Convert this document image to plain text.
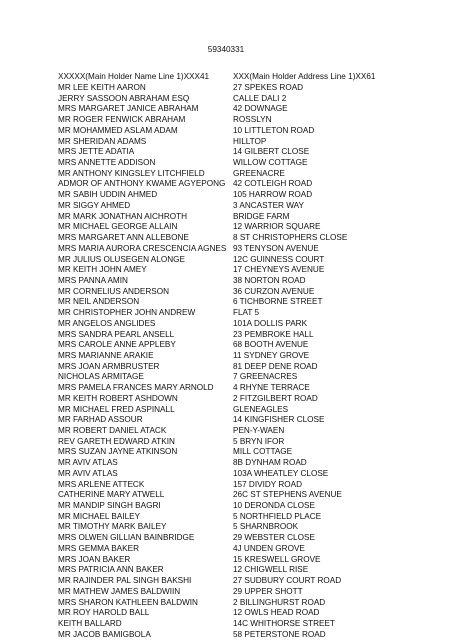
59340331
XXXXX(Main Holder Name Line 1)XXX41	XXX(Main Holder Address Line 1)XX61
MR LEE KEITH AARON	27 SPEKES ROAD
JERRY SASSOON ABRAHAM ESQ	CALLE DALI 2
MRS MARGARET JANICE ABRAHAM	42 DOWNAGE
MR ROGER FENWICK ABRAHAM	ROSSLYN
MR MOHAMMED ASLAM ADAM	10 LITTLETON ROAD
MR SHERIDAN ADAMS	HILLTOP
MRS JETTE ADATIA	14 GILBERT CLOSE
MRS ANNETTE ADDISON	WILLOW COTTAGE
MR ANTHONY KINGSLEY LITCHFIELD	GREENACRE
ADMOR OF ANTHONY KWAME AGYEPONG 42 COTLEIGH ROAD
MR SABIH UDDIN AHMED	105 HARROW ROAD
MR SIGGY AHMED	3 ANCASTER WAY
MR MARK JONATHAN AICHROTH	BRIDGE FARM
MR MICHAEL GEORGE ALLAIN	12 WARRIOR SQUARE
MRS MARGARET ANN ALLEBONE	8 ST CHRISTOPHERS CLOSE
MRS MARIA AURORA CRESCENCIA AGNES 93 TENYSON AVENUE
MR JULIUS OLUSEGEN ALONGE	12C GUINNESS COURT
MR KEITH JOHN AMEY	17 CHEYNEYS AVENUE
MRS PANNA AMIN	38 NORTON ROAD
MR CORNELIUS ANDERSON	36 CURZON AVENUE
MR NEIL ANDERSON	6 TICHBORNE STREET
MR CHRISTOPHER JOHN ANDREW	FLAT 5
MR ANGELOS ANGLIDES	101A DOLLIS PARK
MRS SANDRA PEARL ANSELL	23 PEMBROKE HALL
MRS CAROLE ANNE APPLEBY	68 BOOTH AVENUE
MRS MARIANNE ARAKIE	11 SYDNEY GROVE
MRS JOAN ARMBRUSTER	81 DEEP DENE ROAD
NICHOLAS ARMITAGE	7 GREENACRES
MRS PAMELA FRANCES MARY ARNOLD	4 RHYNE TERRACE
MR KEITH ROBERT ASHDOWN	2 FITZGILBERT ROAD
MR MICHAEL FRED ASPINALL	GLENEAGLES
MR FARHAD ASSOUR	14 KINGFISHER CLOSE
MR ROBERT DANIEL ATACK	PEN-Y-WAEN
REV GARETH EDWARD ATKIN	5 BRYN IFOR
MRS SUZAN JAYNE ATKINSON	MILL COTTAGE
MR AVIV ATLAS	8B DYNHAM ROAD
MR AVIV ATLAS	103A WHEATLEY CLOSE
MRS ARLENE ATTECK	157 DIVIDY ROAD
CATHERINE MARY ATWELL	26C ST STEPHENS AVENUE
MR MANDIP SINGH BAGRI	10 DERONDA CLOSE
MR MICHAEL BAILEY	5 NORTHFIELD PLACE
MR TIMOTHY MARK BAILEY	5 SHARNBROOK
MRS OLWEN GILLIAN BAINBRIDGE	29 WEBSTER CLOSE
MRS GEMMA BAKER	4J UNDEN GROVE
MRS JOAN BAKER	15 KRESWELL GROVE
MRS PATRICIA ANN BAKER	12 CHIGWELL RISE
MR RAJINDER PAL SINGH BAKSHI	27 SUDBURY COURT ROAD
MR MATHEW JAMES BALDWIIN	29 UPPER SHOTT
MRS SHARON KATHLEEN BALDWIN	2 BILLINGHURST ROAD
MR ROY HAROLD BALL	12 OWLS HEAD ROAD
KEITH BALLARD	14C WHITHORSE STREET
MR JACOB BAMIGBOLA	58 PETERSTONE ROAD
